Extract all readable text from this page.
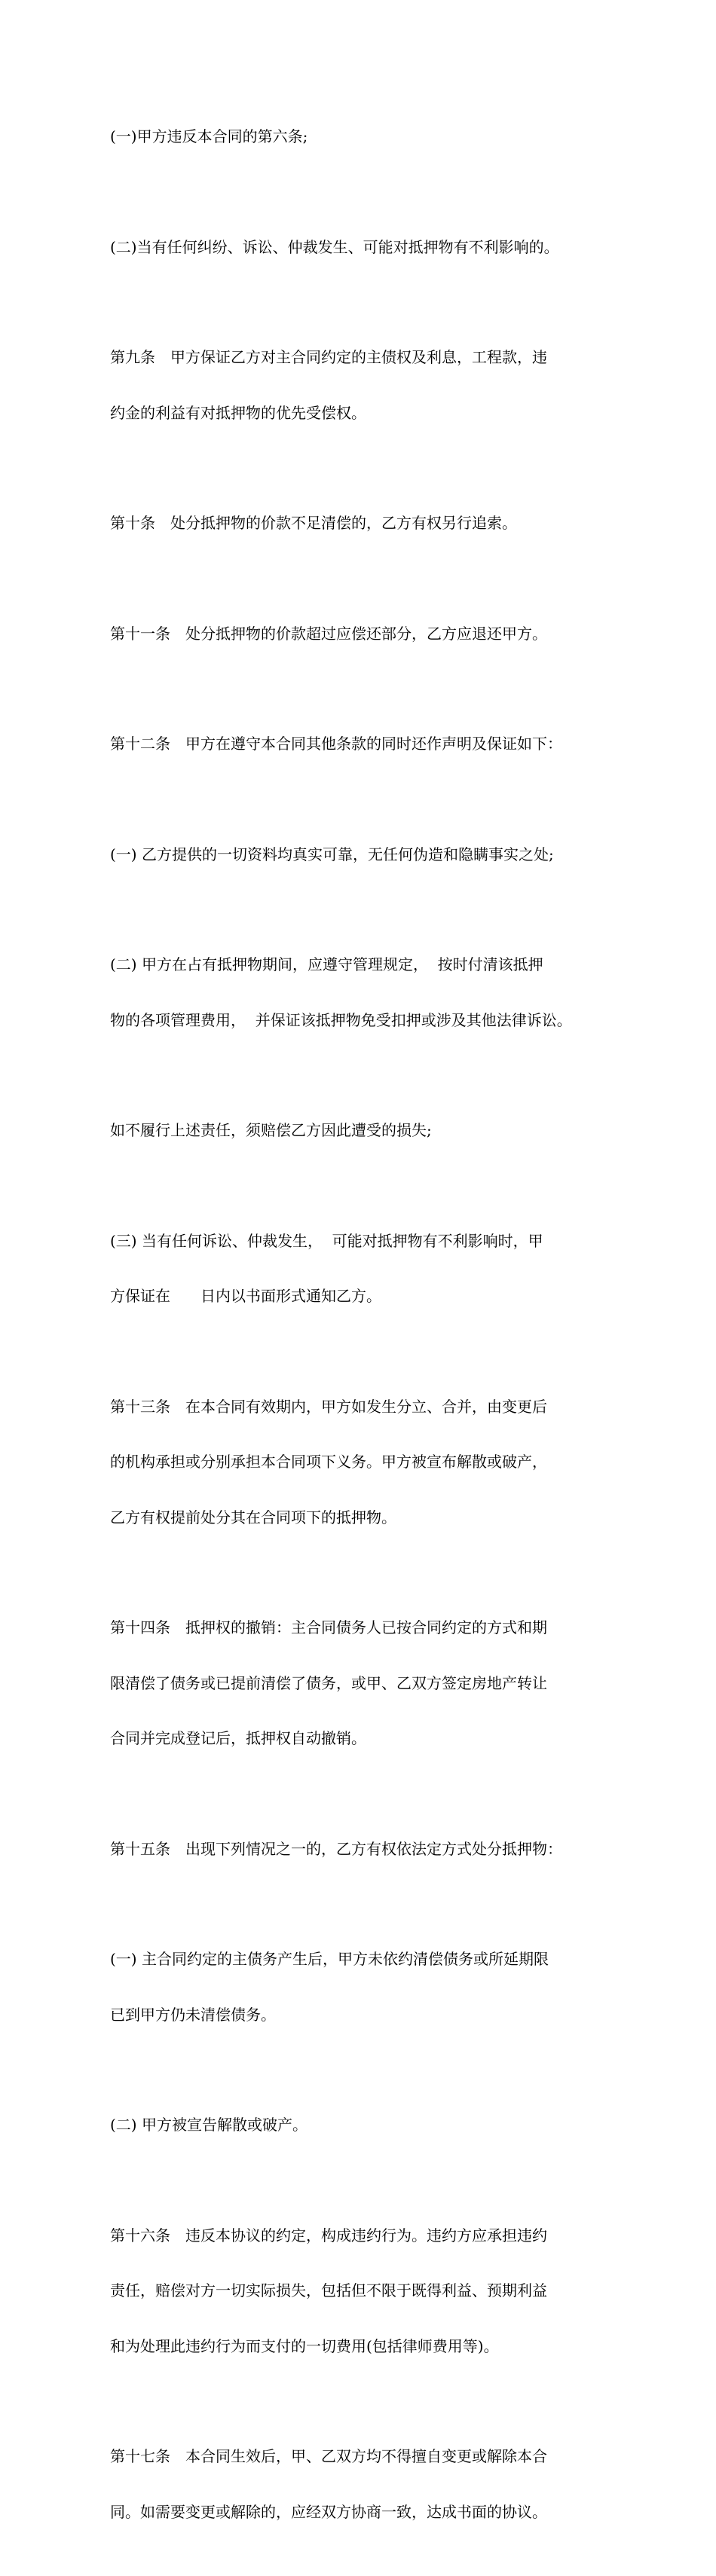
(一)甲方违反本合同的第六条;

(二)当有任何纠纷、诉讼、仲裁发生、可能对抵押物有不利影响的。

第九条　甲方保证乙方对主合同约定的主债权及利息，工程款，违

约金的利益有对抵押物的优先受偿权。

第十条　处分抵押物的价款不足清偿的，乙方有权另行追索。

第十一条　处分抵押物的价款超过应偿还部分，乙方应退还甲方。

第十二条　甲方在遵守本合同其他条款的同时还作声明及保证如下：

(一) 乙方提供的一切资料均真实可靠，无任何伪造和隐瞒事实之处;

(二) 甲方在占有抵押物期间，应遵守管理规定，  按时付清该抵押

物的各项管理费用，  并保证该抵押物免受扣押或涉及其他法律诉讼。

如不履行上述责任，须赔偿乙方因此遭受的损失;

(三) 当有任何诉讼、仲裁发生，  可能对抵押物有不利影响时，甲

方保证在　　日内以书面形式通知乙方。

第十三条　在本合同有效期内，甲方如发生分立、合并，由变更后

的机构承担或分别承担本合同项下义务。甲方被宣布解散或破产，

乙方有权提前处分其在合同项下的抵押物。

第十四条　抵押权的撤销：主合同债务人已按合同约定的方式和期

限清偿了债务或已提前清偿了债务，或甲、乙双方签定房地产转让

合同并完成登记后，抵押权自动撤销。

第十五条　出现下列情况之一的，乙方有权依法定方式处分抵押物：

(一) 主合同约定的主债务产生后，甲方未依约清偿债务或所延期限

已到甲方仍未清偿债务。

(二) 甲方被宣告解散或破产。

第十六条　违反本协议的约定，构成违约行为。违约方应承担违约

责任，赔偿对方一切实际损失，包括但不限于既得利益、预期利益

和为处理此违约行为而支付的一切费用(包括律师费用等)。

第十七条　本合同生效后，甲、乙双方均不得擅自变更或解除本合

同。如需要变更或解除的，应经双方协商一致，达成书面的协议。
